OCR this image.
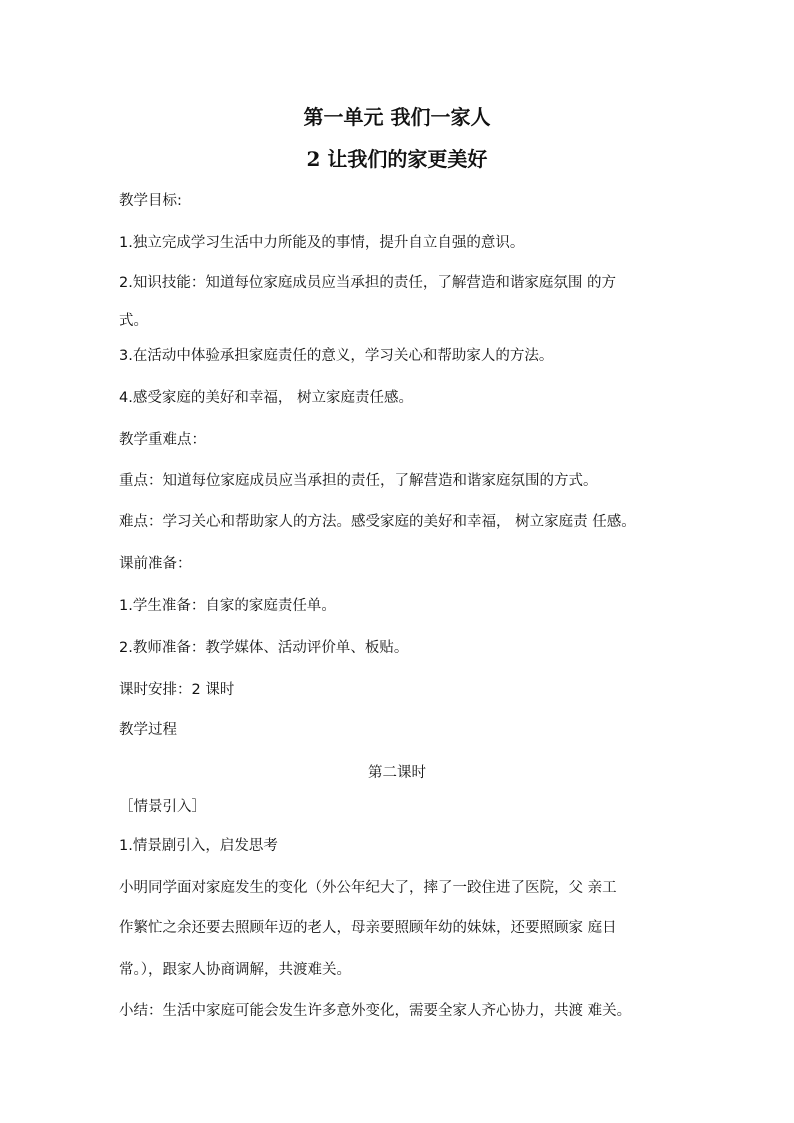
第一单元 我们一家人
2 让我们的家更美好
教学目标:
1.独立完成学习生活中力所能及的事情，提升自立自强的意识。
2.知识技能：知道每位家庭成员应当承担的责任，了解营造和谐家庭氛围 的方
式。
3.在活动中体验承担家庭责任的意义，学习关心和帮助家人的方法。
4.感受家庭的美好和幸福， 树立家庭责任感。
教学重难点：
重点：知道每位家庭成员应当承担的责任，了解营造和谐家庭氛围的方式。
难点：学习关心和帮助家人的方法。感受家庭的美好和幸福， 树立家庭责 任感。
课前准备：
1.学生准备：自家的家庭责任单。
2.教师准备：教学媒体、活动评价单、板贴。
课时安排：2 课时
教学过程
第二课时
［情景引入］
1.情景剧引入，启发思考
小明同学面对家庭发生的变化（外公年纪大了，摔了一跤住进了医院，父 亲工
作繁忙之余还要去照顾年迈的老人，母亲要照顾年幼的妹妹，还要照顾家 庭日
常。），跟家人协商调解，共渡难关。
小结：生活中家庭可能会发生许多意外变化，需要全家人齐心协力，共渡 难关。
